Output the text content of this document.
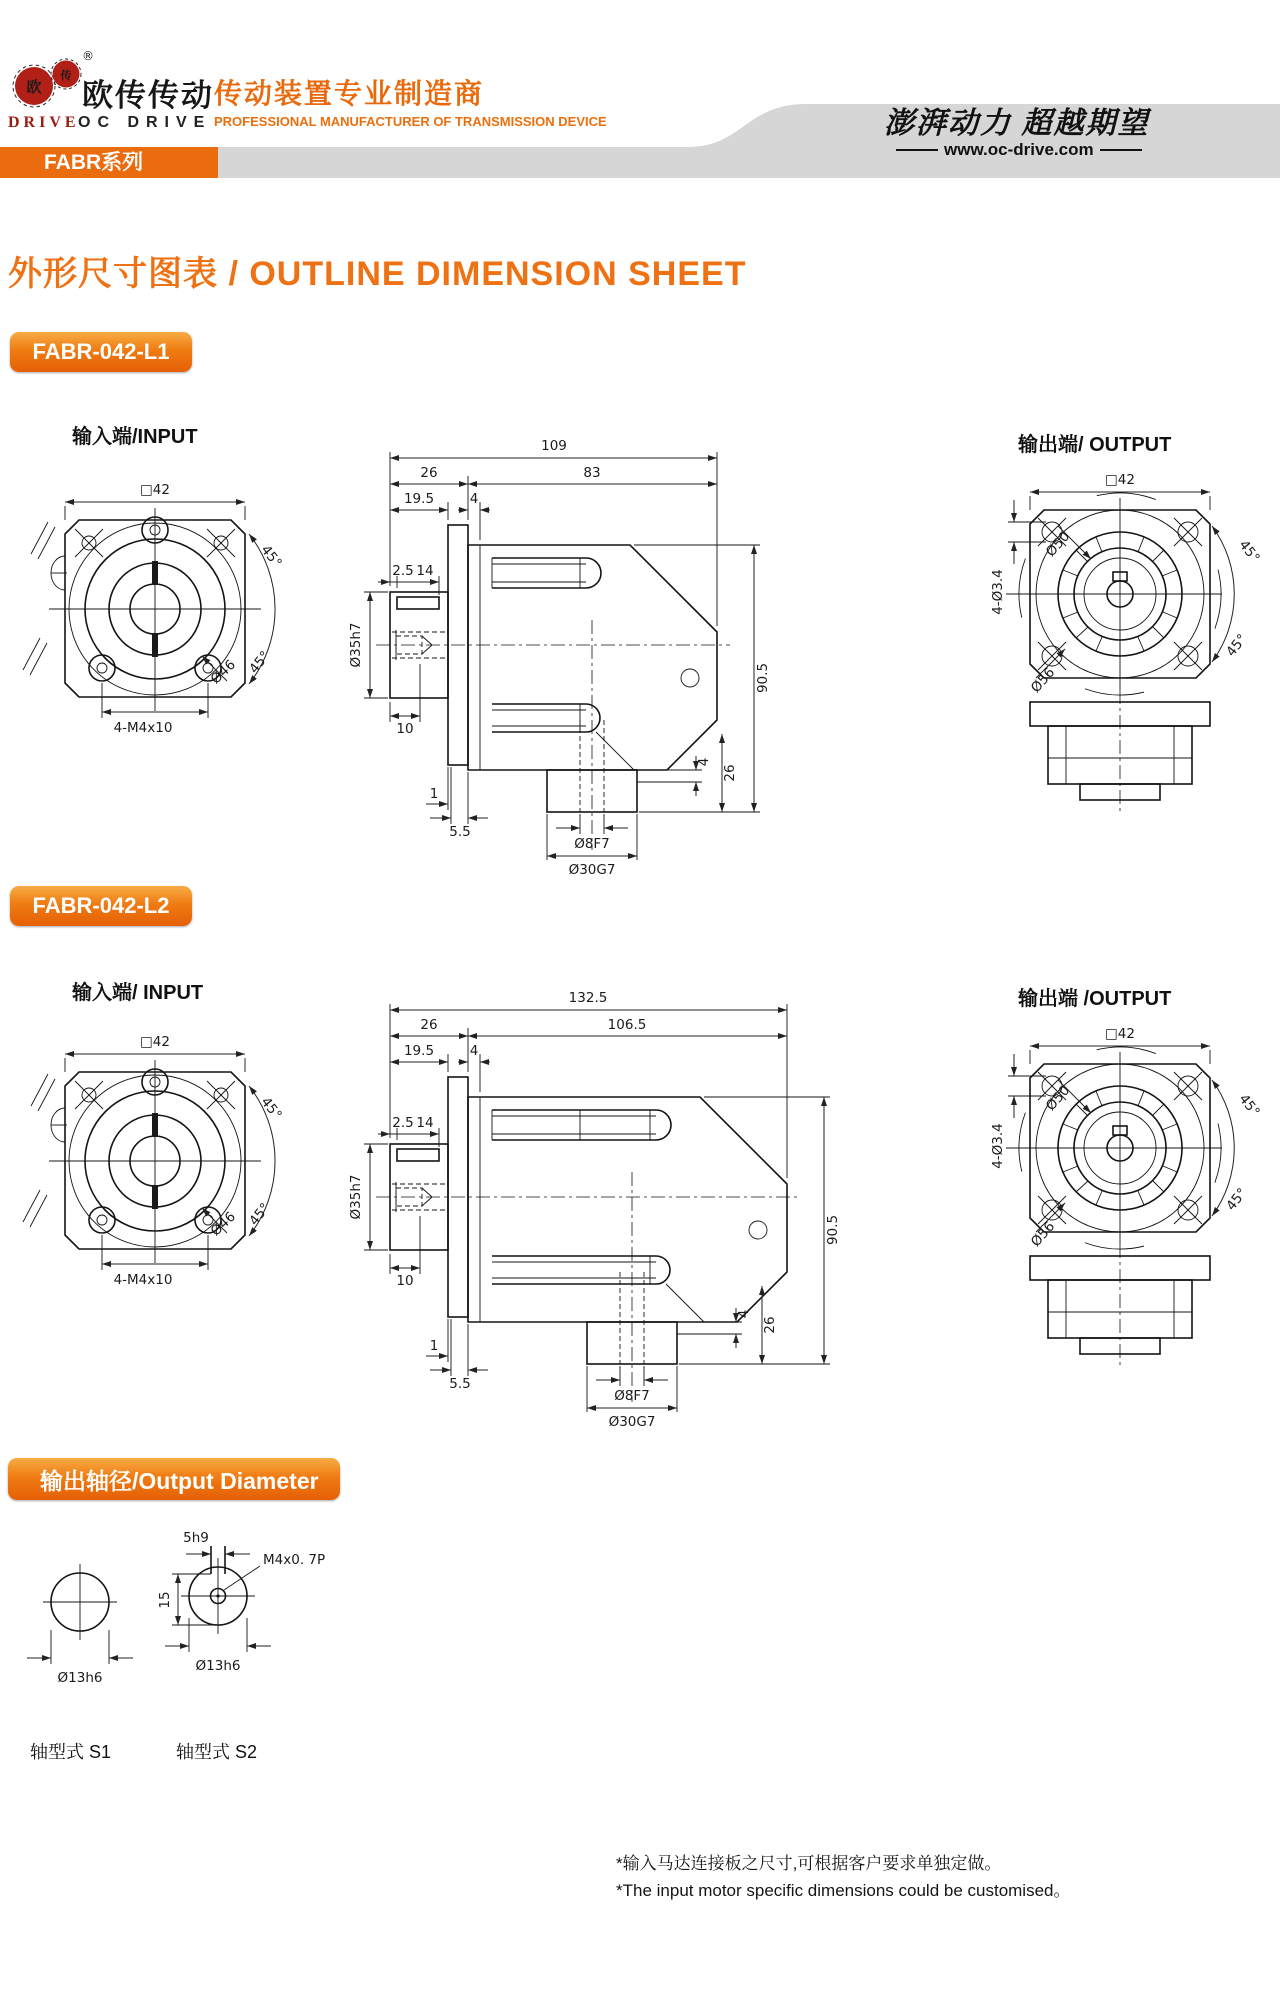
欧
传
®
DRIVE
欧传传动
OC DRIVE
传动装置专业制造商
PROFESSIONAL MANUFACTURER OF TRANSMISSION DEVICE	澎湃动力 超越期望
www.oc-drive.com
FABR系列
外形尺寸图表 / OUTLINE DIMENSION SHEET
FABR-042-L1
输入端/INPUT	输出端/ OUTPUT
□42
Ø46
45°
45°
4-M4x10
109
26	83
19.5	4
2.5 14
Ø35h7
10
1
5.5
90.5
4
26
Ø8F7
Ø30G7
□42
Ø50
Ø56
4-Ø3.4
45°
45°
FABR-042-L2
输入端/ INPUT	输出端 /OUTPUT
□42
Ø46
45°
45°
4-M4x10
132.5
26	106.5
19.5	4
2.5 14
Ø35h7
10
1
5.5
90.5
4
26
Ø8F7
Ø30G7
□42
Ø50
Ø56
4-Ø3.4
45°
45°
输出轴径/Output Diameter
Ø13h6
5h9
15
M4x0. 7P
Ø13h6
轴型式 S1	轴型式 S2
*输入马达连接板之尺寸,可根据客户要求单独定做。
*The input motor specific dimensions could be customised。
